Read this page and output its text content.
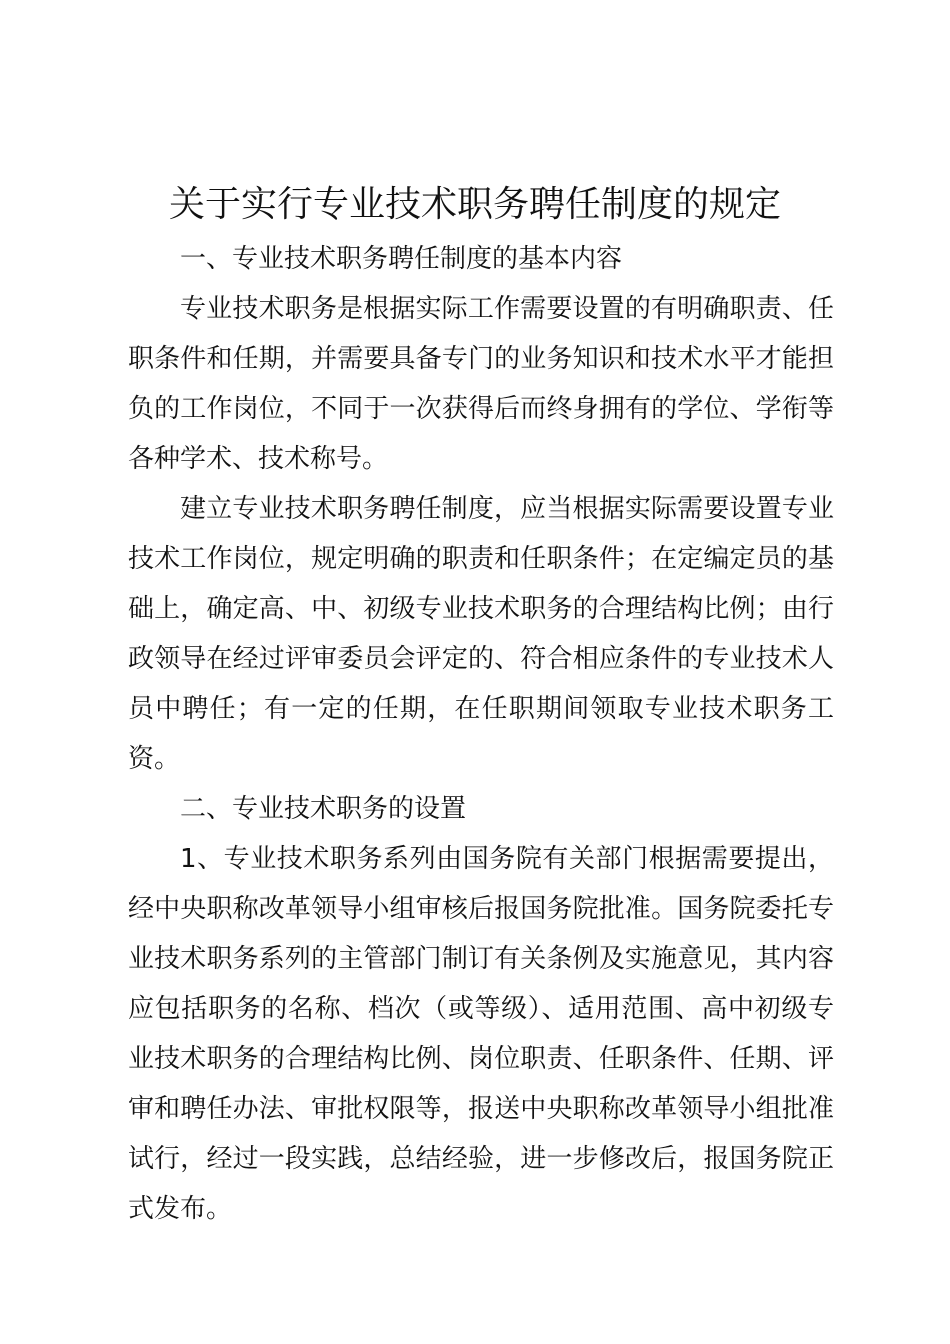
关于实行专业技术职务聘任制度的规定
一、专业技术职务聘任制度的基本内容

专业技术职务是根据实际工作需要设置的有明确职责、任职条件和任期，并需要具备专门的业务知识和技术水平才能担负的工作岗位，不同于一次获得后而终身拥有的学位、学衔等各种学术、技术称号。

建立专业技术职务聘任制度，应当根据实际需要设置专业技术工作岗位，规定明确的职责和任职条件；在定编定员的基础上，确定高、中、初级专业技术职务的合理结构比例；由行政领导在经过评审委员会评定的、符合相应条件的专业技术人员中聘任；有一定的任期，在任职期间领取专业技术职务工资。

二、专业技术职务的设置

1、专业技术职务系列由国务院有关部门根据需要提出，经中央职称改革领导小组审核后报国务院批准。国务院委托专业技术职务系列的主管部门制订有关条例及实施意见，其内容应包括职务的名称、档次（或等级）、适用范围、高中初级专业技术职务的合理结构比例、岗位职责、任职条件、任期、评审和聘任办法、审批权限等，报送中央职称改革领导小组批准试行，经过一段实践，总结经验，进一步修改后，报国务院正式发布。
